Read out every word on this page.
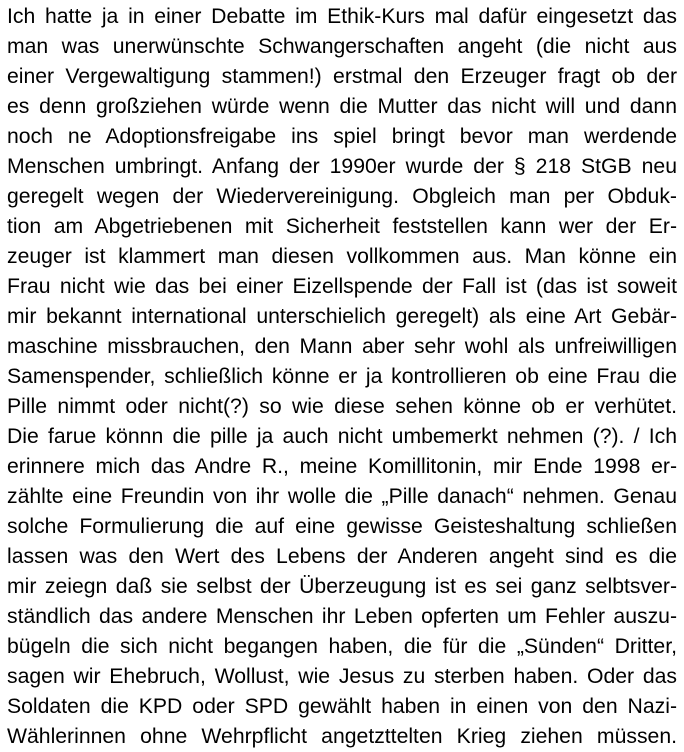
Ich hatte ja in einer Debatte im Ethik-Kurs mal dafür eingesetzt das
man was unerwünschte Schwangerschaften angeht (die nicht aus
einer Vergewaltigung stammen!) erstmal den Erzeuger fragt ob der
es denn großziehen würde wenn die Mutter das nicht will und dann
noch ne Adoptionsfreigabe ins spiel bringt bevor man werdende
Menschen umbringt. Anfang der 1990er wurde der § 218 StGB neu
geregelt wegen der Wiedervereinigung. Obgleich man per Obduk-
tion am Abgetriebenen mit Sicherheit feststellen kann wer der Er-
zeuger ist klammert man diesen vollkommen aus. Man könne ein
Frau nicht wie das bei einer Eizellspende der Fall ist (das ist soweit
mir bekannt international unterschielich geregelt) als eine Art Gebär-
maschine missbrauchen, den Mann aber sehr wohl als unfreiwilligen
Samenspender, schließlich könne er ja kontrollieren ob eine Frau die
Pille nimmt oder nicht(?) so wie diese sehen könne ob er verhütet.
Die farue könnn die pille ja auch nicht umbemerkt nehmen (?). / Ich
erinnere mich das Andre R., meine Komillitonin, mir Ende 1998 er-
zählte eine Freundin von ihr wolle die „Pille danach“ nehmen. Genau
solche Formulierung die auf eine gewisse Geisteshaltung schließen
lassen was den Wert des Lebens der Anderen angeht sind es die
mir zeiegn daß sie selbst der Überzeugung ist es sei ganz selbtsver-
ständlich das andere Menschen ihr Leben opferten um Fehler auszu-
bügeln die sich nicht begangen haben, die für die „Sünden“ Dritter,
sagen wir Ehebruch, Wollust, wie Jesus zu sterben haben. Oder das
Soldaten die KPD oder SPD gewählt haben in einen von den Nazi-
Wählerinnen ohne Wehrpflicht angetzttelten Krieg ziehen müssen.
